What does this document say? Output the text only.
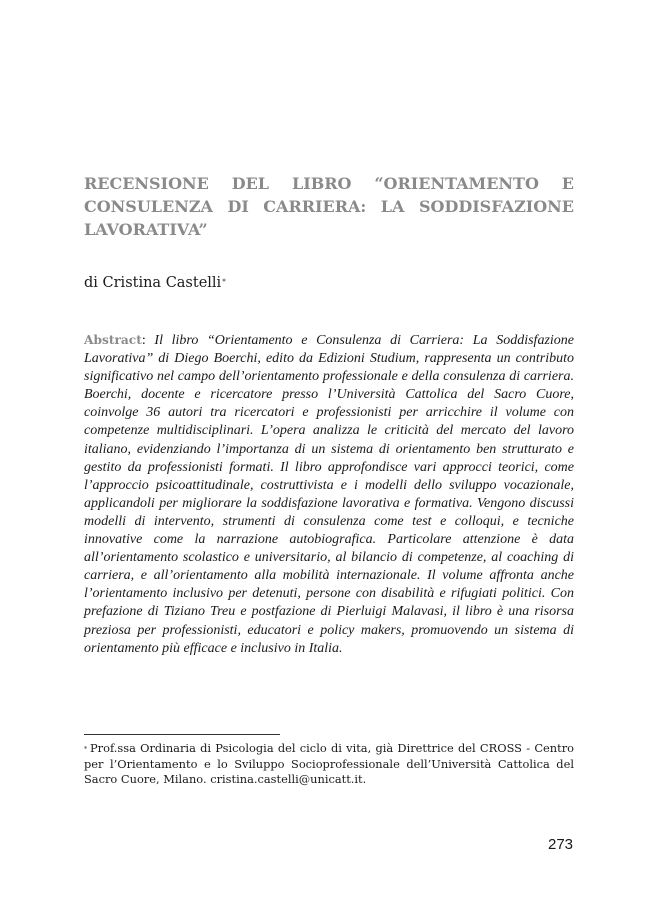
RECENSIONE DEL LIBRO “ORIENTAMENTO E CONSULENZA DI CARRIERA: LA SODDISFAZIONE LAVORATIVA”
di Cristina Castelli*

Abstract: Il libro “Orientamento e Consulenza di Carriera: La Soddisfazione Lavorativa” di Diego Boerchi, edito da Edizioni Studium, rappresenta un contributo significativo nel campo dell’orientamento professionale e della consulenza di carriera. Boerchi, docente e ricercatore presso l’Università Cattolica del Sacro Cuore, coinvolge 36 autori tra ricercatori e professionisti per arricchire il volume con competenze multidisciplinari. L’opera analizza le criticità del mercato del lavoro italiano, evidenziando l’importanza di un sistema di orientamento ben strutturato e gestito da professionisti formati. Il libro approfondisce vari approcci teorici, come l’approccio psicoattitudinale, costruttivista e i modelli dello sviluppo vocazionale, applicandoli per migliorare la soddisfazione lavorativa e formativa. Vengono discussi modelli di intervento, strumenti di consulenza come test e colloqui, e tecniche innovative come la narrazione autobiografica. Particolare attenzione è data all’orientamento scolastico e universitario, al bilancio di competenze, al coaching di carriera, e all’orientamento alla mobilità internazionale. Il volume affronta anche l’orientamento inclusivo per detenuti, persone con disabilità e rifugiati politici. Con prefazione di Tiziano Treu e postfazione di Pierluigi Malavasi, il libro è una risorsa preziosa per professionisti, educatori e policy makers, promuovendo un sistema di orientamento più efficace e inclusivo in Italia.

* Prof.ssa Ordinaria di Psicologia del ciclo di vita, già Direttrice del CROSS - Centro per l’Orientamento e lo Sviluppo Socioprofessionale dell’Università Cattolica del Sacro Cuore, Milano. cristina.castelli@unicatt.it.

273
